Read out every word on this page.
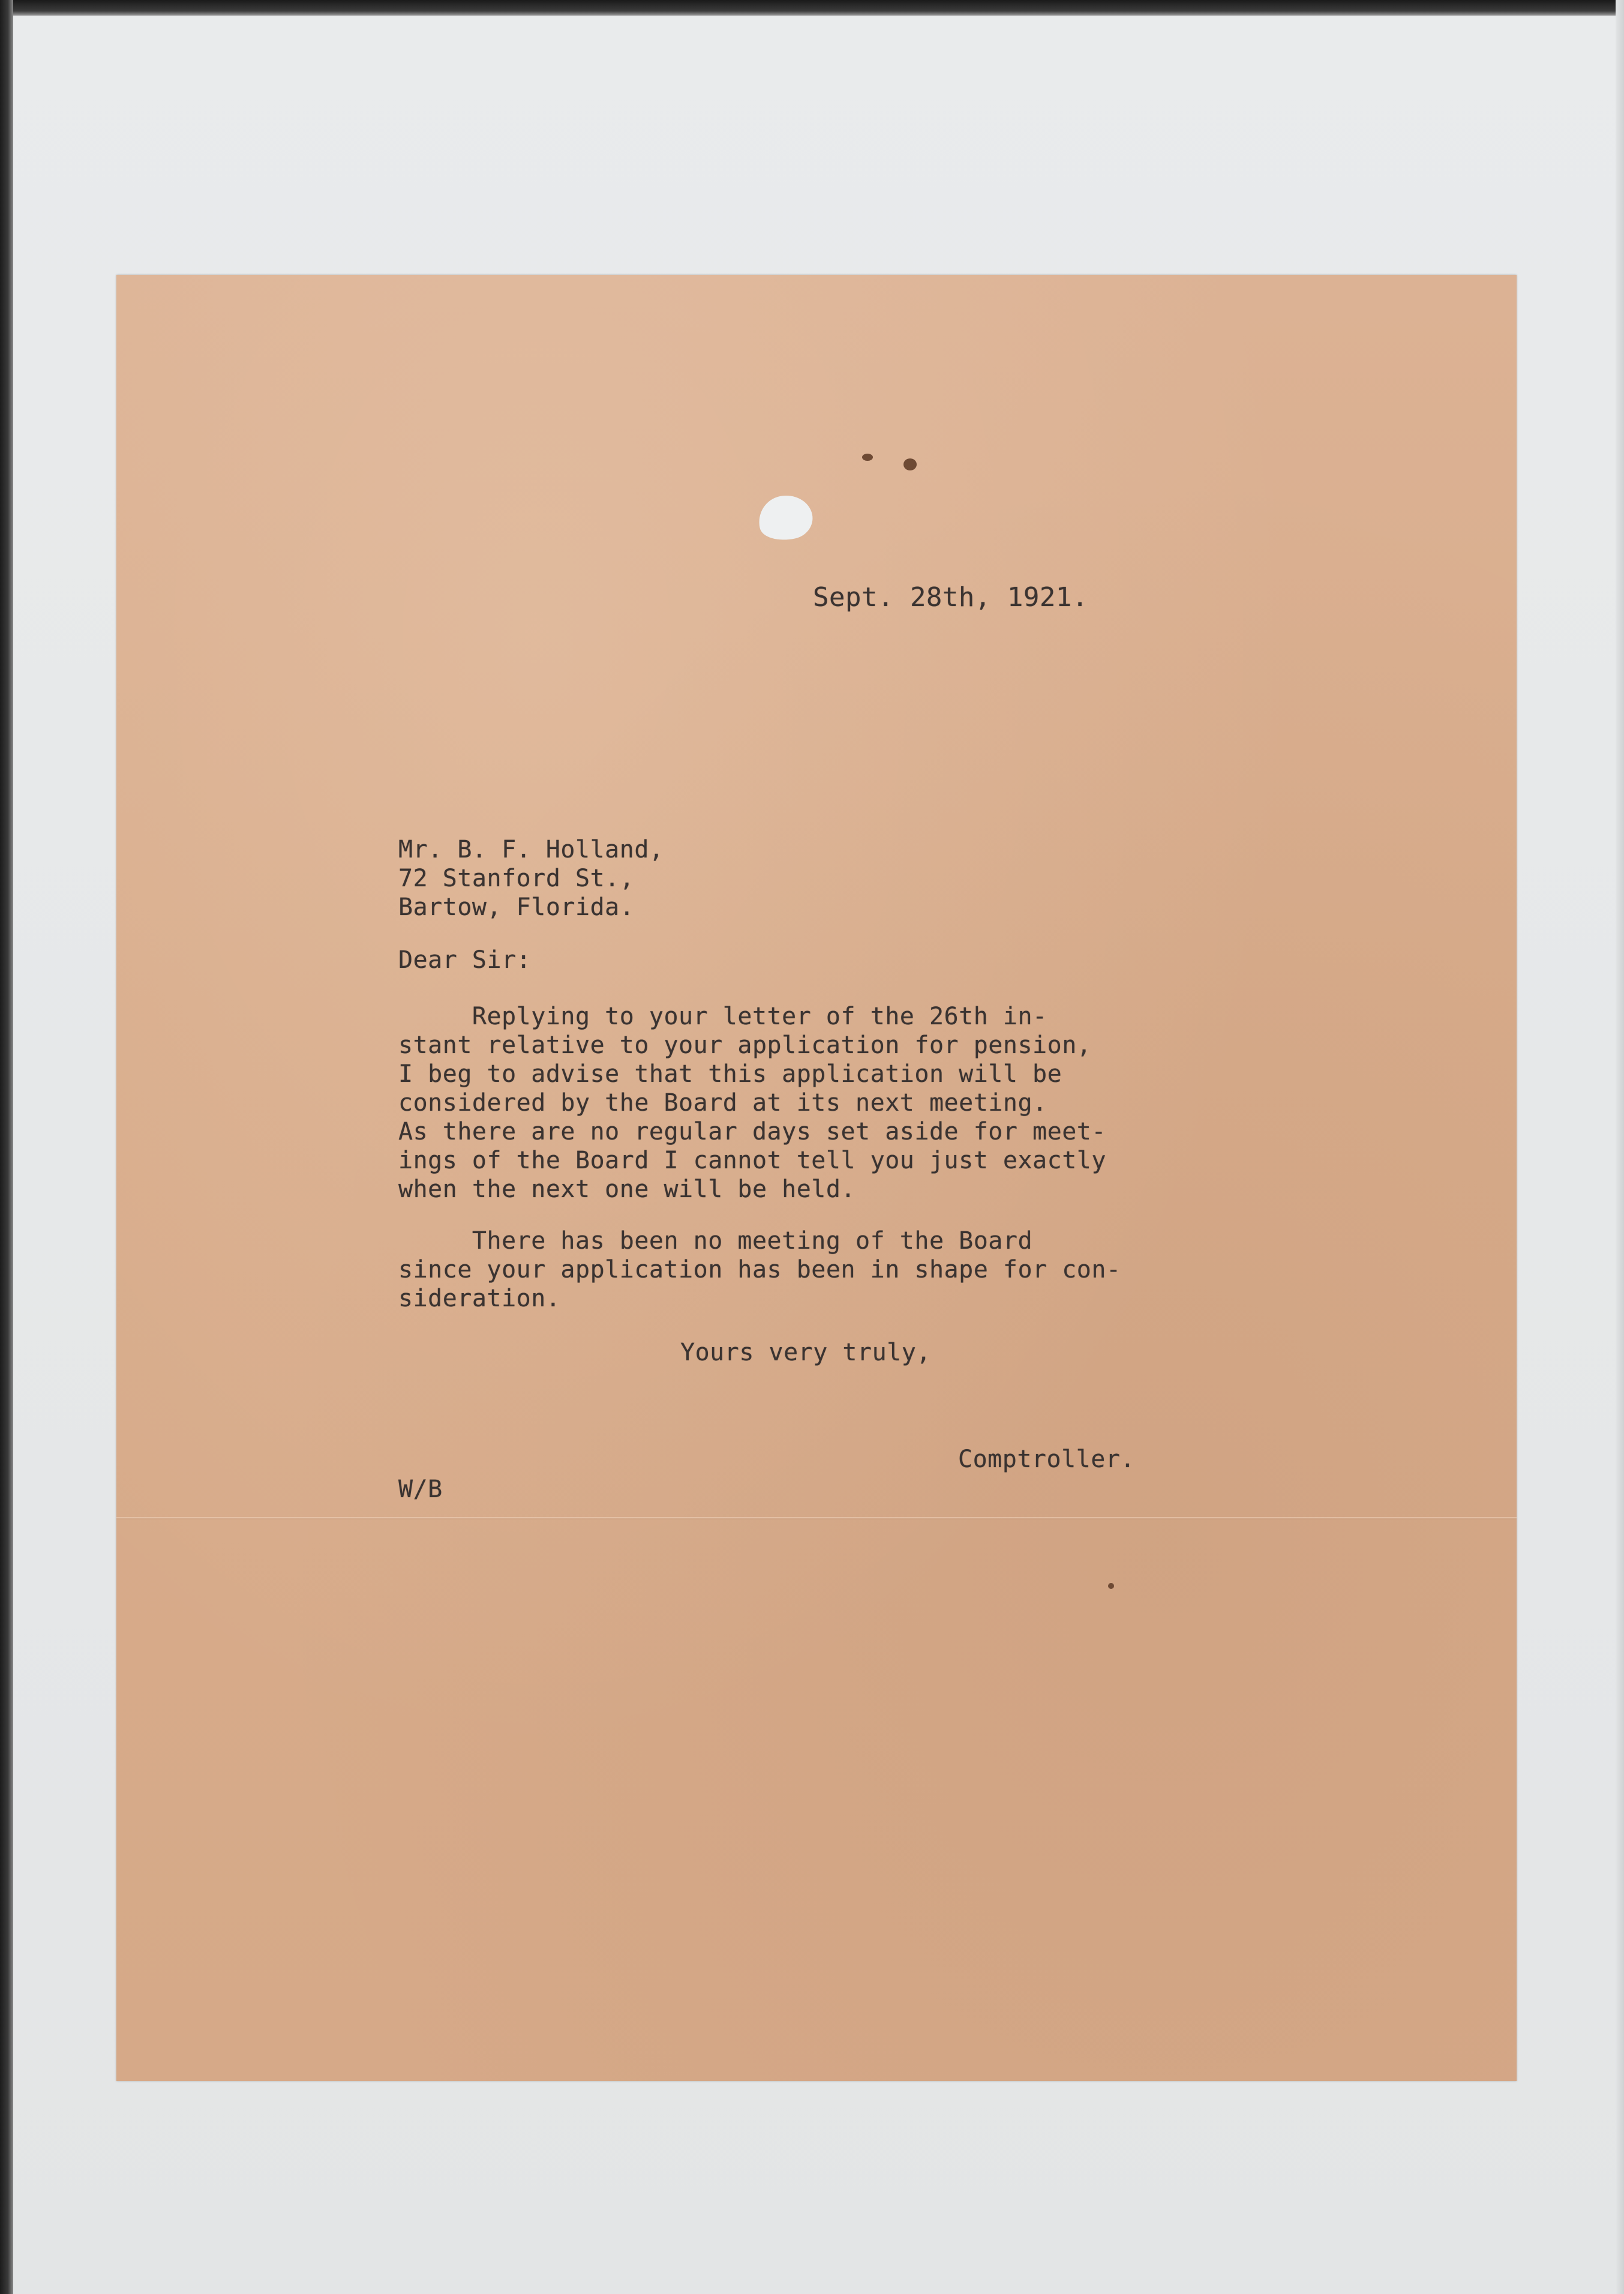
Sept. 28th, 1921.
Mr. B. F. Holland,
72 Stanford St.,
Bartow, Florida.
Dear Sir:
Replying to your letter of the 26th in-
stant relative to your application for pension,
I beg to advise that this application will be
considered by the Board at its next meeting.
As there are no regular days set aside for meet-
ings of the Board I cannot tell you just exactly
when the next one will be held.
There has been no meeting of the Board
since your application has been in shape for con-
sideration.
Yours very truly,
Comptroller.
W/B
